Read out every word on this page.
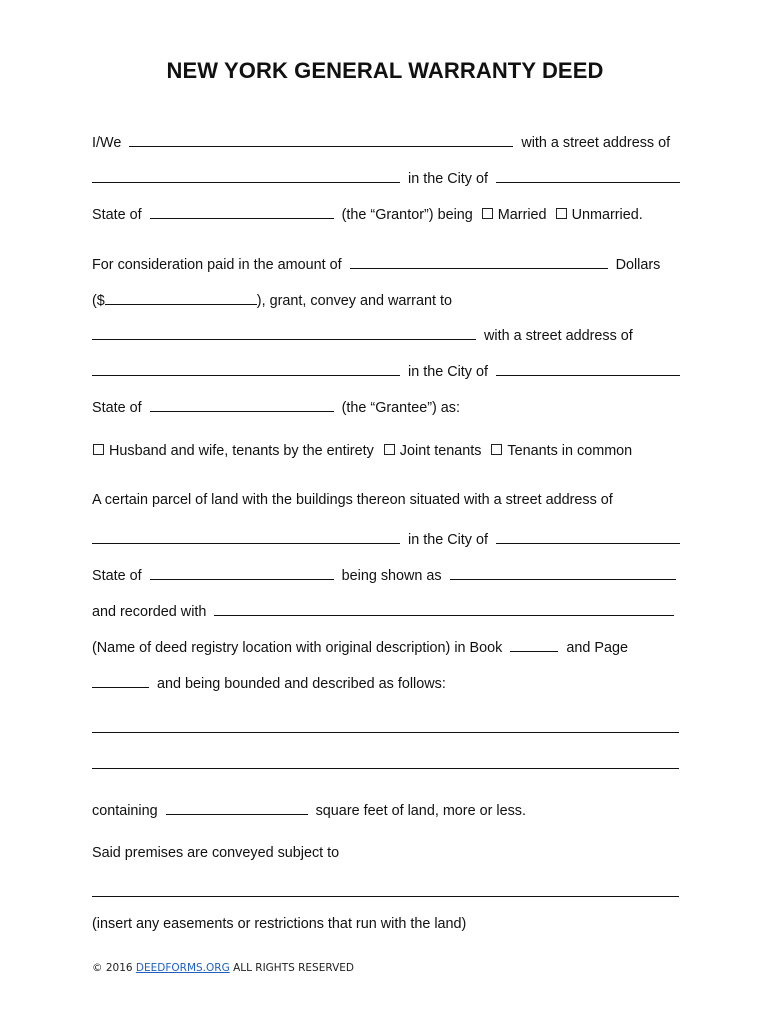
NEW YORK GENERAL WARRANTY DEED
I/We	with a street address of
in the City of
State of	(the “Grantor”) being Married Unmarried.
For consideration paid in the amount of	Dollars
($	), grant, convey and warrant to
with a street address of
in the City of
State of	(the “Grantee”) as:
Husband and wife, tenants by the entirety Joint tenants Tenants in common
A certain parcel of land with the buildings thereon situated with a street address of
in the City of
State of	being shown as
and recorded with
(Name of deed registry location with original description) in Book	and Page
and being bounded and described as follows:
containing	square feet of land, more or less.
Said premises are conveyed subject to
(insert any easements or restrictions that run with the land)
© 2016 DEEDFORMS.ORG ALL RIGHTS RESERVED
